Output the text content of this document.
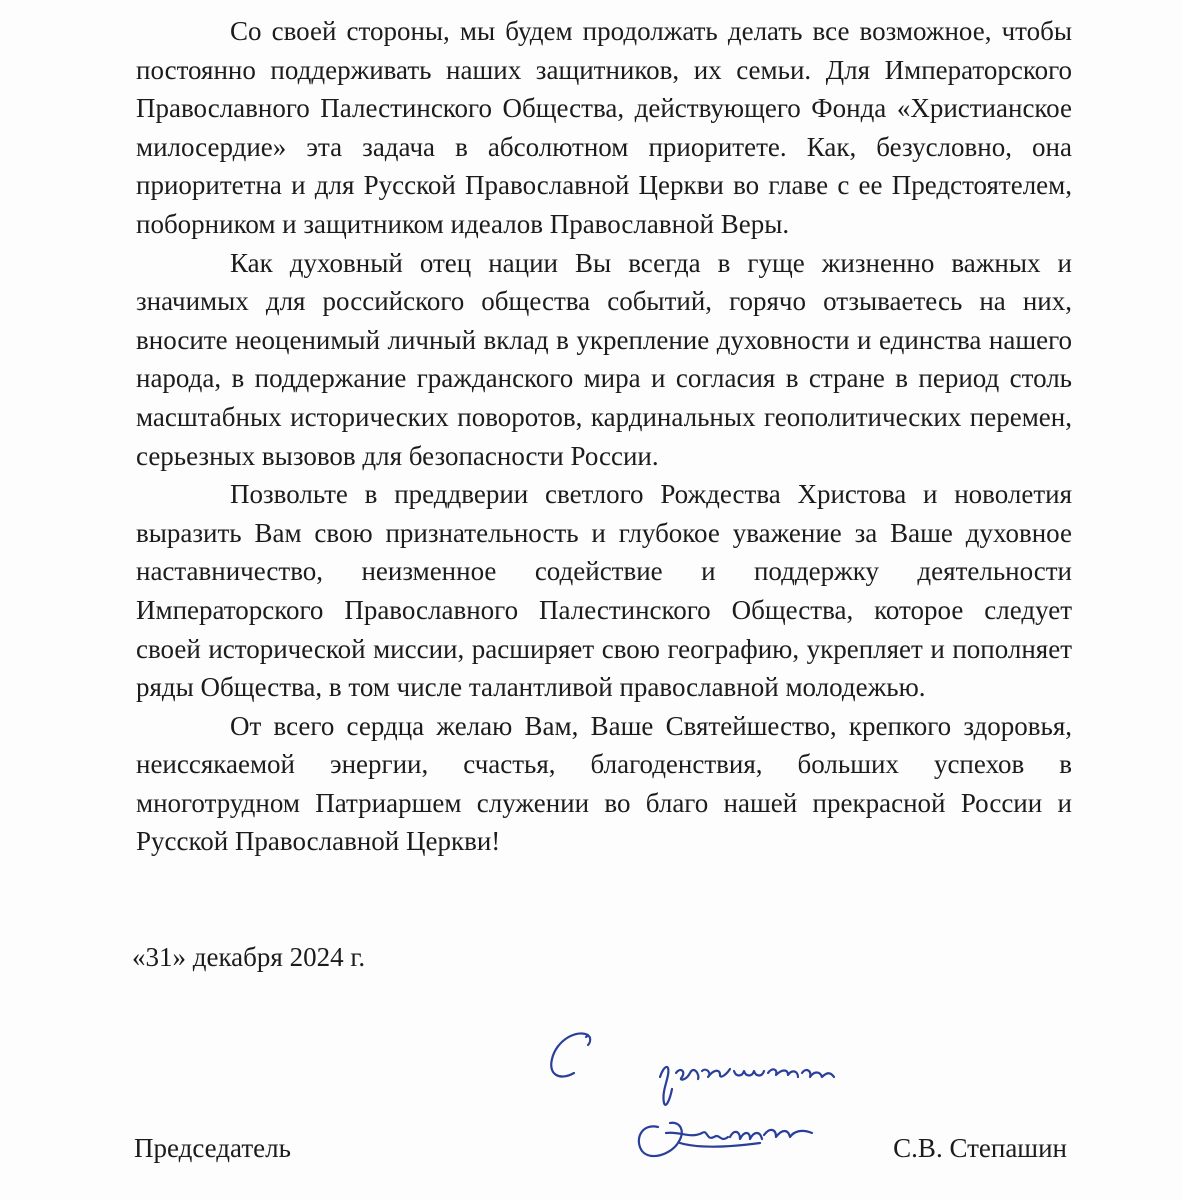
Со своей стороны, мы будем продолжать делать все возможное, чтобы постоянно поддерживать наших защитников, их семьи. Для Императорского Православного Палестинского Общества, действующего Фонда «Христианское милосердие» эта задача в абсолютном приоритете. Как, безусловно, она приоритетна и для Русской Православной Церкви во главе с ее Предстоятелем, поборником и защитником идеалов Православной Веры.

Как духовный отец нации Вы всегда в гуще жизненно важных и значимых для российского общества событий, горячо отзываетесь на них, вносите неоценимый личный вклад в укрепление духовности и единства нашего народа, в поддержание гражданского мира и согласия в стране в период столь масштабных исторических поворотов, кардинальных геополитических перемен, серьезных вызовов для безопасности России.

Позвольте в преддверии светлого Рождества Христова и новолетия выразить Вам свою признательность и глубокое уважение за Ваше духовное наставничество, неизменное содействие и поддержку деятельности Императорского Православного Палестинского Общества, которое следует своей исторической миссии, расширяет свою географию, укрепляет и пополняет ряды Общества, в том числе талантливой православной молодежью.

От всего сердца желаю Вам, Ваше Святейшество, крепкого здоровья, неиссякаемой энергии, счастья, благоденствия, больших успехов в многотрудном Патриаршем служении во благо нашей прекрасной России и Русской Православной Церкви!

«31» декабря 2024 г.
Председатель	С.В. Степашин
